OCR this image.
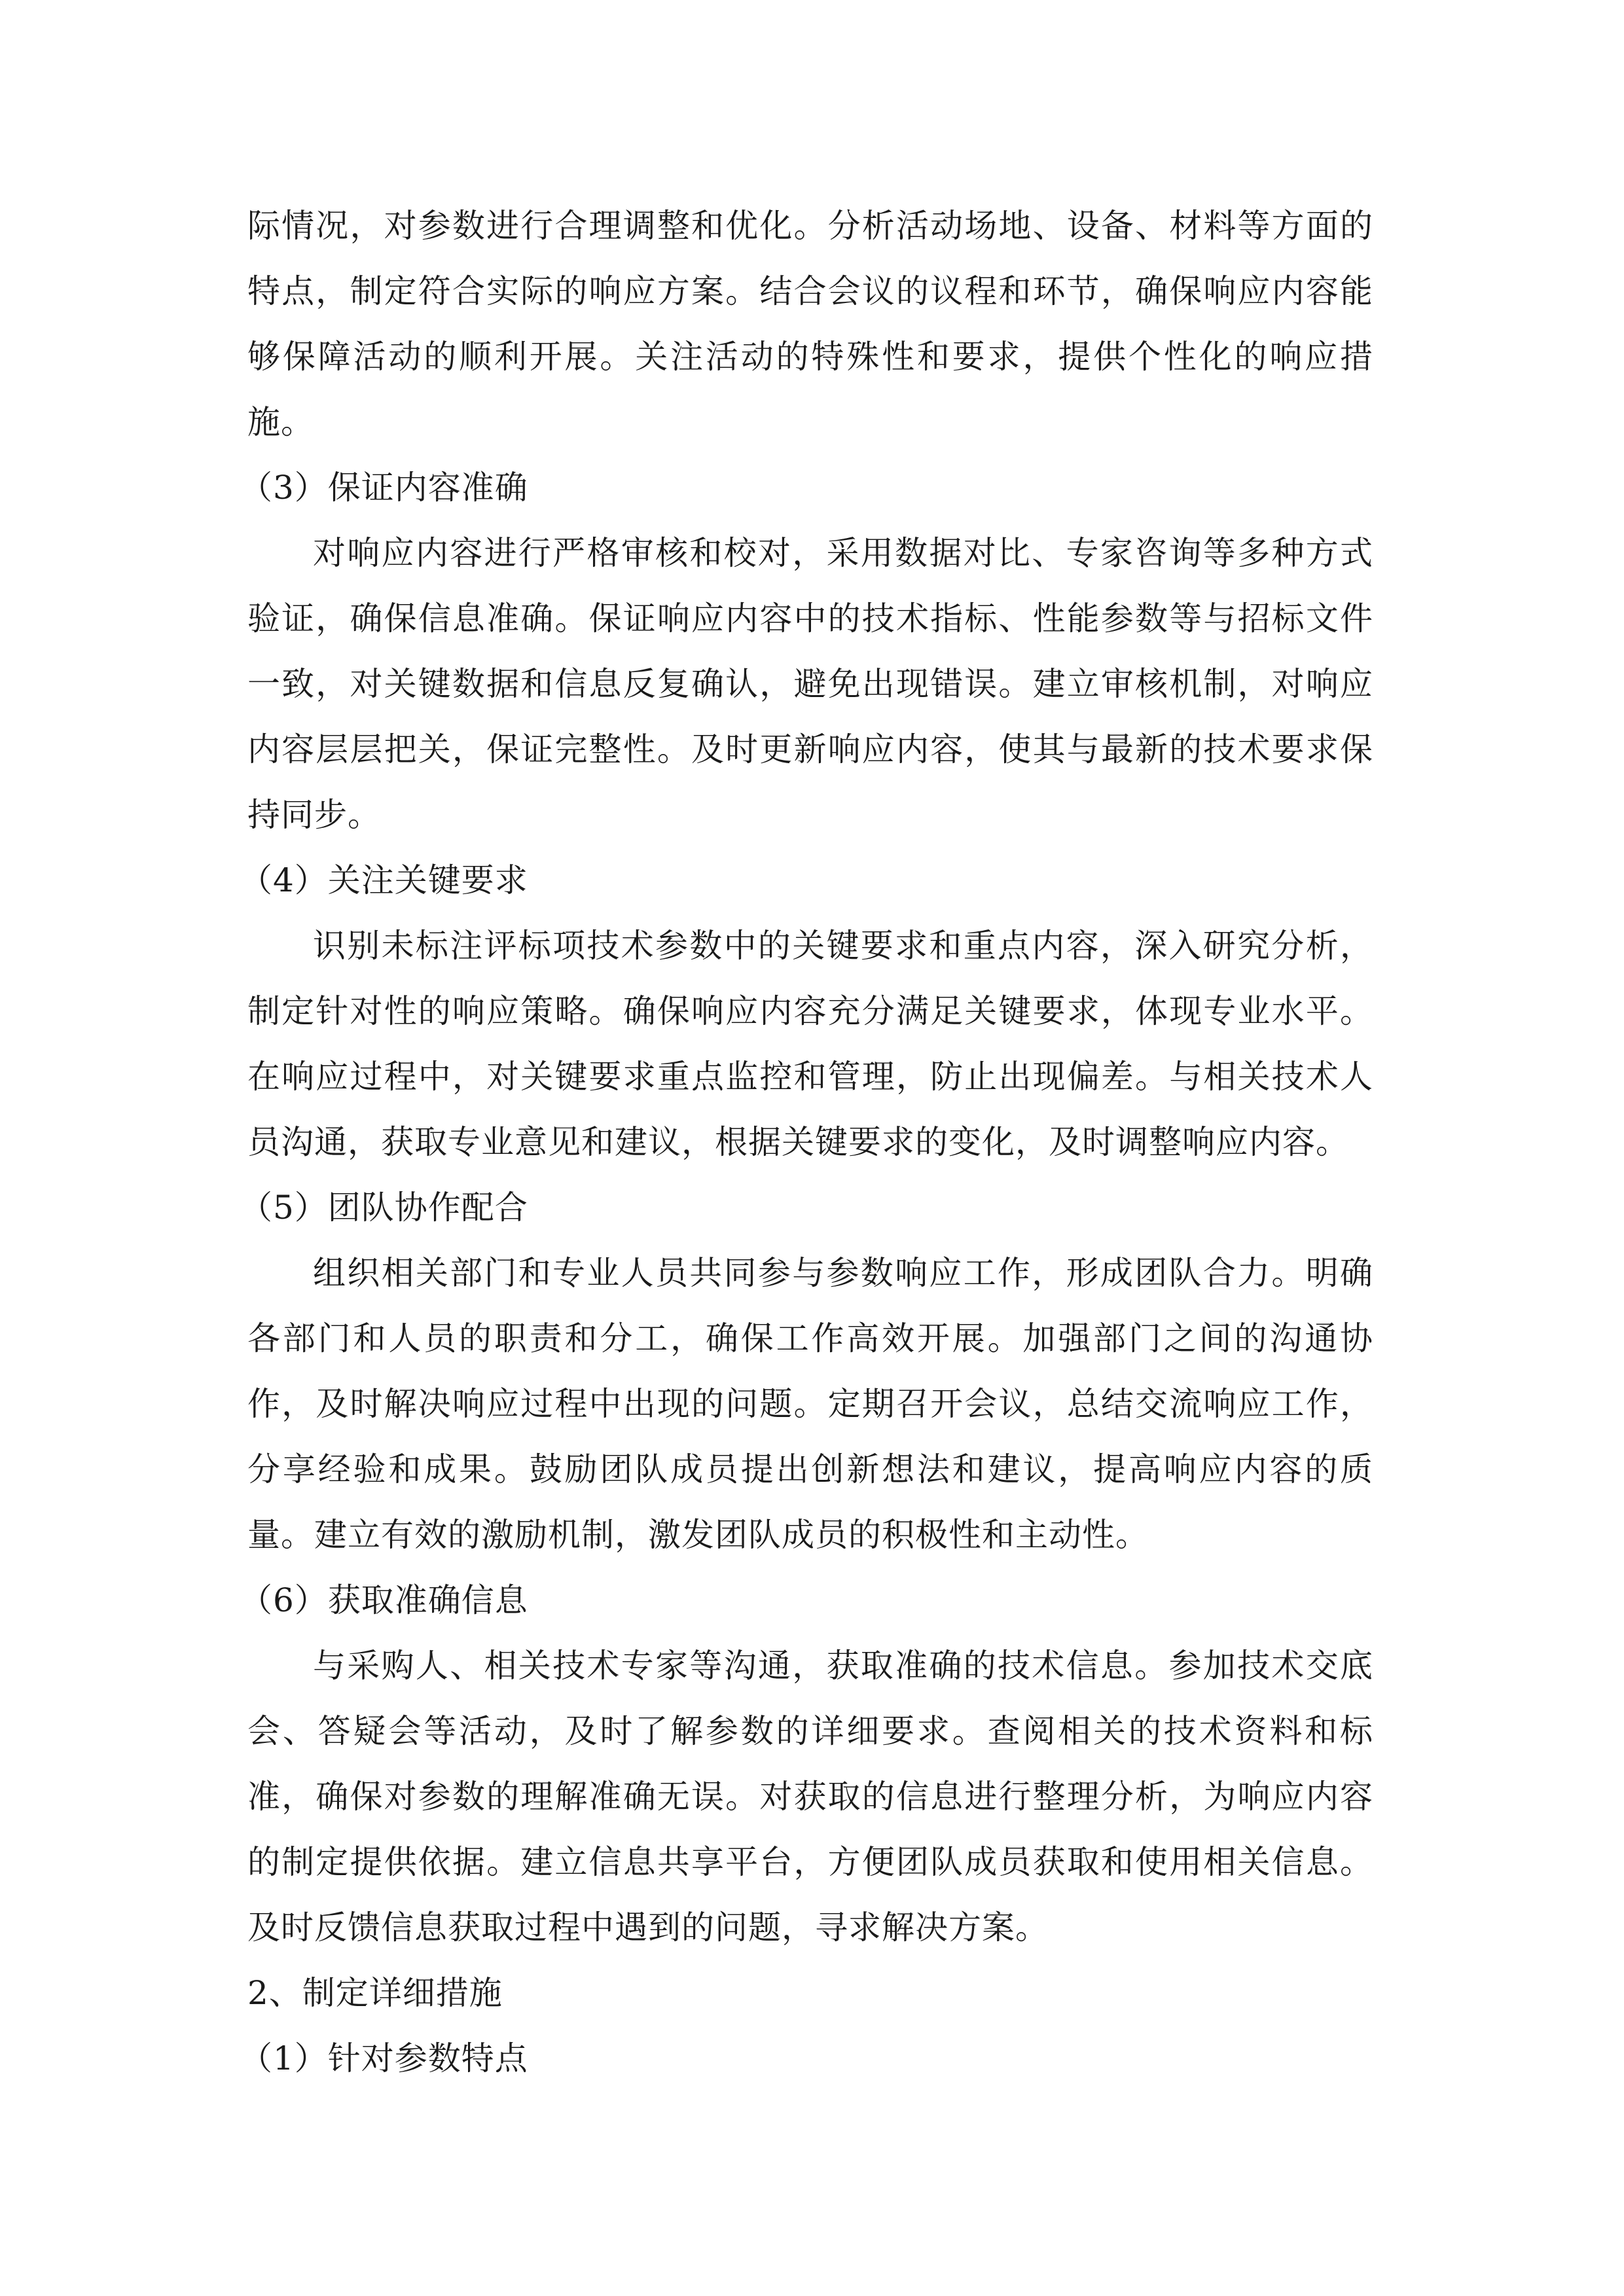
际情况，对参数进行合理调整和优化。分析活动场地、设备、材料等方面的特点，制定符合实际的响应方案。结合会议的议程和环节，确保响应内容能够保障活动的顺利开展。关注活动的特殊性和要求，提供个性化的响应措施。

（3）保证内容准确

对响应内容进行严格审核和校对，采用数据对比、专家咨询等多种方式验证，确保信息准确。保证响应内容中的技术指标、性能参数等与招标文件一致，对关键数据和信息反复确认，避免出现错误。建立审核机制，对响应内容层层把关，保证完整性。及时更新响应内容，使其与最新的技术要求保持同步。

（4）关注关键要求

识别未标注评标项技术参数中的关键要求和重点内容，深入研究分析，制定针对性的响应策略。确保响应内容充分满足关键要求，体现专业水平。在响应过程中，对关键要求重点监控和管理，防止出现偏差。与相关技术人员沟通，获取专业意见和建议，根据关键要求的变化，及时调整响应内容。

（5）团队协作配合

组织相关部门和专业人员共同参与参数响应工作，形成团队合力。明确各部门和人员的职责和分工，确保工作高效开展。加强部门之间的沟通协作，及时解决响应过程中出现的问题。定期召开会议，总结交流响应工作，分享经验和成果。鼓励团队成员提出创新想法和建议，提高响应内容的质量。建立有效的激励机制，激发团队成员的积极性和主动性。

（6）获取准确信息

与采购人、相关技术专家等沟通，获取准确的技术信息。参加技术交底会、答疑会等活动，及时了解参数的详细要求。查阅相关的技术资料和标准，确保对参数的理解准确无误。对获取的信息进行整理分析，为响应内容的制定提供依据。建立信息共享平台，方便团队成员获取和使用相关信息。及时反馈信息获取过程中遇到的问题，寻求解决方案。

2、制定详细措施
（1）针对参数特点
